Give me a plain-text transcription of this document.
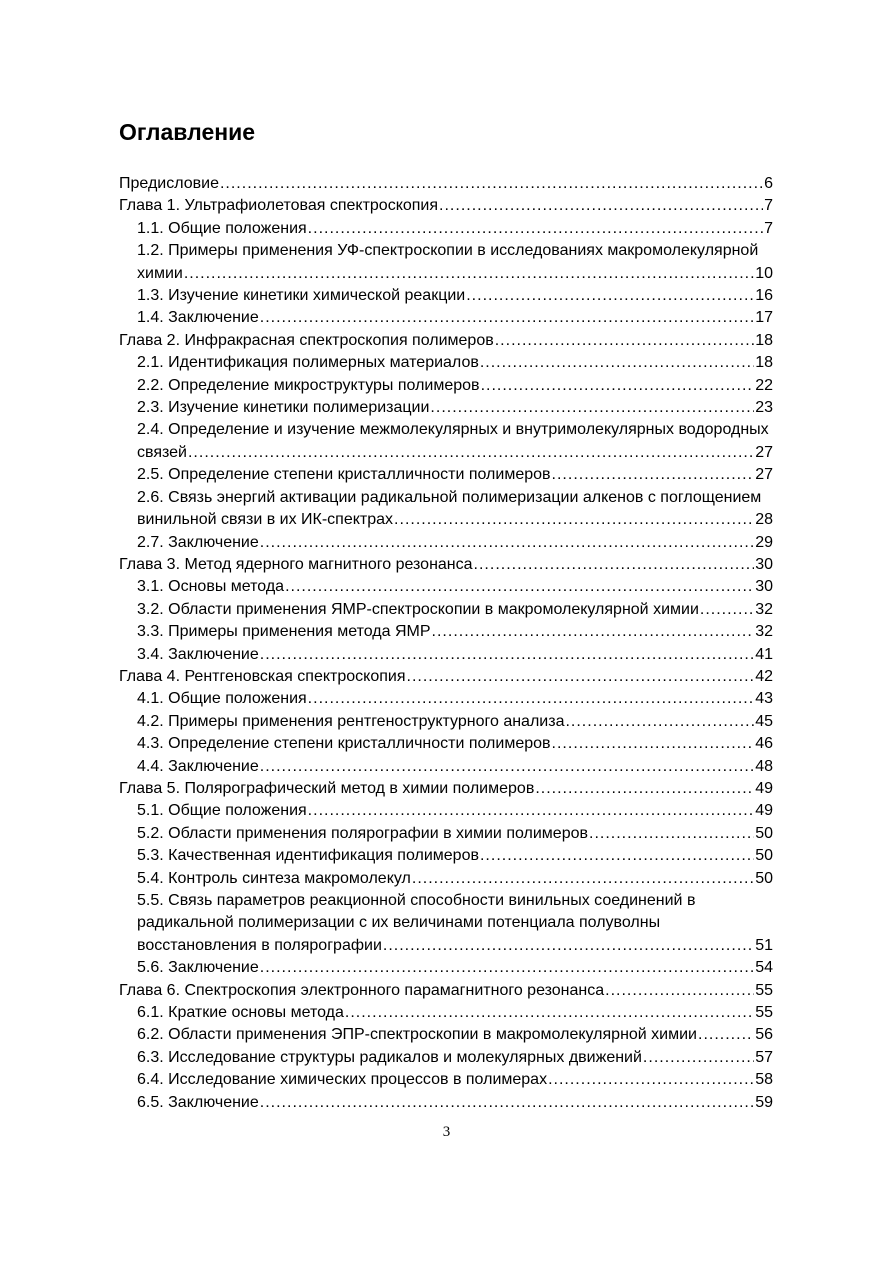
Оглавление
Предисловие .....	6
Глава 1. Ультрафиолетовая спектроскопия .....	7
1.1. Общие положения .....	7
1.2. Примеры применения УФ-спектроскопии в исследованиях макромолекулярной
химии .....	10
1.3. Изучение кинетики химической реакции .....	16
1.4. Заключение .....	17
Глава 2. Инфракрасная спектроскопия полимеров .....	18
2.1. Идентификация полимерных материалов .....	18
2.2. Определение микроструктуры полимеров .....	22
2.3. Изучение кинетики полимеризации .....	23
2.4. Определение и изучение межмолекулярных и внутримолекулярных водородных
связей .....	27
2.5. Определение степени кристалличности полимеров .....	27
2.6. Связь энергий активации радикальной полимеризации алкенов с поглощением
винильной связи в их ИК-спектрах .....	28
2.7. Заключение .....	29
Глава 3. Метод ядерного магнитного резонанса .....	30
3.1. Основы метода .....	30
3.2. Области применения ЯМР-спектроскопии в макромолекулярной химии .....	32
3.3. Примеры применения метода ЯМР .....	32
3.4. Заключение .....	41
Глава 4. Рентгеновская спектроскопия .....	42
4.1. Общие положения .....	43
4.2. Примеры применения рентгеноструктурного анализа .....	45
4.3. Определение степени кристалличности полимеров .....	46
4.4. Заключение .....	48
Глава 5. Полярографический метод в химии полимеров .....	49
5.1. Общие положения .....	49
5.2. Области применения полярографии в химии полимеров .....	50
5.3. Качественная идентификация полимеров .....	50
5.4. Контроль синтеза макромолекул .....	50
5.5. Связь параметров реакционной способности винильных соединений в
радикальной полимеризации с их величинами потенциала полуволны
восстановления в полярографии .....	51
5.6. Заключение .....	54
Глава 6. Спектроскопия электронного парамагнитного резонанса .....	55
6.1. Краткие основы метода .....	55
6.2. Области применения ЭПР-спектроскопии в макромолекулярной химии .....	56
6.3. Исследование структуры радикалов и молекулярных движений .....	57
6.4. Исследование химических процессов в полимерах .....	58
6.5. Заключение .....	59
3
